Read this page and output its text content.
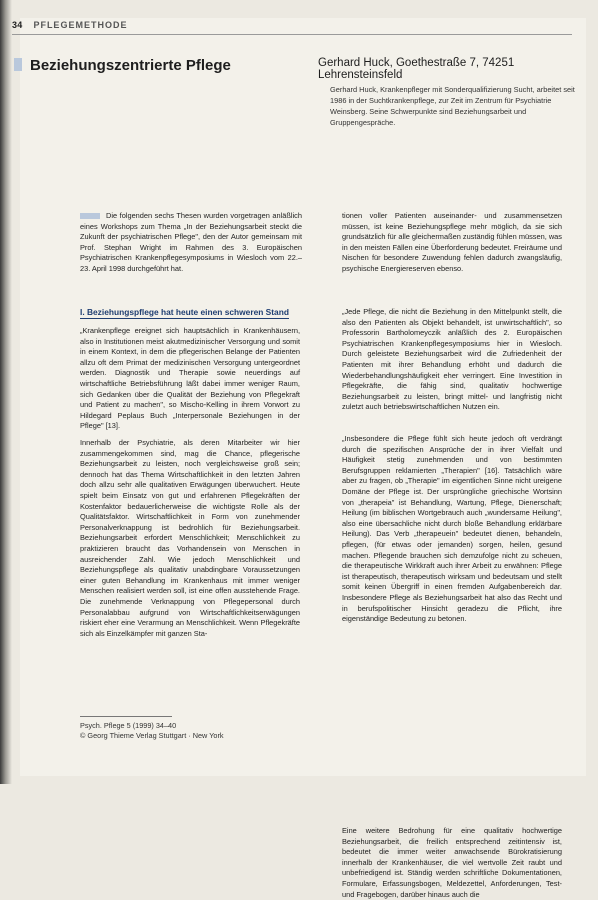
34 PFLEGEMETHODE
Beziehungszentrierte Pflege	Gerhard Huck, Goethestraße 7, 74251 Lehrensteinsfeld
Gerhard Huck, Krankenpfleger mit Sonderqualifizierung Sucht, arbeitet seit 1986 in der Suchtkrankenpflege, zur Zeit im Zentrum für Psychiatrie Weinsberg. Seine Schwerpunkte sind Beziehungsarbeit und Gruppengespräche.
Die folgenden sechs Thesen wurden vorgetragen anläßlich eines Workshops zum Thema „In der Beziehungsarbeit steckt die Zukunft der psychiatrischen Pflege", den der Autor gemeinsam mit Prof. Stephan Wright im Rahmen des 3. Europäischen Psychiatrischen Krankenpflegesymposiums in Wiesloch vom 22.–23. April 1998 durchgeführt hat.
I. Beziehungspflege hat heute einen schweren Stand
„Krankenpflege ereignet sich hauptsächlich in Krankenhäusern, also in Institutionen meist akutmedizinischer Versorgung und somit in einem Kontext, in dem die pflegerischen Belange der Patienten allzu oft dem Primat der medizinischen Versorgung untergeordnet werden. Diagnostik und Therapie sowie neuerdings auf wirtschaftliche Betriebsführung läßt dabei immer weniger Raum, sich Gedanken über die Qualität der Beziehung von Pflegekraft und Patient zu machen", so Mischo-Kelling in ihrem Vorwort zu Hildegard Peplaus Buch „Interpersonale Beziehungen in der Pflege" [13].
Innerhalb der Psychiatrie, als deren Mitarbeiter wir hier zusammengekommen sind, mag die Chance, pflegerische Beziehungsarbeit zu leisten, noch vergleichsweise groß sein; dennoch hat das Thema Wirtschaftlichkeit in den letzten Jahren doch allzu sehr alle qualitativen Erwägungen überwuchert. Heute spielt beim Einsatz von gut und erfahrenen Pflegekräften der Kostenfaktor bedauerlicherweise die wichtigste Rolle als der Qualitätsfaktor. Wirtschaftlichkeit in Form von zunehmender Personalverknappung ist bedrohlich für Beziehungsarbeit. Beziehungsarbeit erfordert Menschlichkeit; Menschlichkeit zu praktizieren braucht das Vorhandensein von Menschen in ausreichender Zahl. Wie jedoch Menschlichkeit und Beziehungspflege als qualitativ unabdingbare Voraussetzungen einer guten Behandlung im Krankenhaus mit immer weniger Menschen realisiert werden soll, ist eine offen ausstehende Frage. Die zunehmende Verknappung von Pflegepersonal durch Personalabbau aufgrund von Wirtschaftlichkeitserwägungen riskiert eher eine Verarmung an Menschlichkeit. Wenn Pflegekräfte sich als Einzelkämpfer mit ganzen Sta-
tionen voller Patienten auseinander- und zusammensetzen müssen, ist keine Beziehungspflege mehr möglich, da sie sich grundsätzlich für alle gleichermaßen zuständig fühlen müssen, was in den meisten Fällen eine Überforderung bedeutet. Freiräume und Nischen für besondere Zuwendung fehlen dadurch zwangsläufig, psychische Energiereserven ebenso.
„Jede Pflege, die nicht die Beziehung in den Mittelpunkt stellt, die also den Patienten als Objekt behandelt, ist unwirtschaftlich", so Professorin Bartholomeyczik anläßlich des 2. Europäischen Psychiatrischen Krankenpflegesymposiums hier in Wiesloch. Durch geleistete Beziehungsarbeit wird die Zufriedenheit der Patienten mit ihrer Behandlung erhöht und dadurch die Wiederbehandlungshäufigkeit eher verringert. Eine Investition in Pflegekräfte, die fähig sind, qualitativ hochwertige Beziehungsarbeit zu leisten, bringt mittel- und langfristig nicht zuletzt auch betriebswirtschaftlichen Nutzen ein.
„Insbesondere die Pflege fühlt sich heute jedoch oft verdrängt durch die spezifischen Ansprüche der in ihrer Vielfalt und Häufigkeit stetig zunehmenden und von bestimmten Berufsgruppen reklamierten „Therapien" [16]. Tatsächlich wäre aber zu fragen, ob „Therapie" im eigentlichen Sinne nicht ureigene Domäne der Pflege ist. Der ursprüngliche griechische Wortsinn von „therapeia" ist Behandlung, Wartung, Pflege, Dienerschaft; Heilung (im biblischen Wortgebrauch auch „wundersame Heilung", also eine übersachliche nicht durch bloße Behandlung erklärbare Heilung). Das Verb „therapeuein" bedeutet dienen, behandeln, pflegen, (für etwas oder jemanden) sorgen, heilen, gesund machen. Pflegende brauchen sich demzufolge nicht zu scheuen, die therapeutische Wirkkraft auch ihrer Arbeit zu erwähnen: Pflege ist therapeutisch, therapeutisch wirksam und bedeutsam und stellt somit keinen Übergriff in einen fremden Aufgabenbereich dar. Insbesondere Pflege als Beziehungsarbeit hat also das Recht und in berufspolitischer Hinsicht geradezu die Pflicht, ihre eigenständige Bedeutung zu betonen.
Eine weitere Bedrohung für eine qualitativ hochwertige Beziehungsarbeit, die freilich entsprechend zeitintensiv ist, bedeutet die immer weiter anwachsende Bürokratisierung innerhalb der Krankenhäuser, die viel wertvolle Zeit raubt und unbefriedigend ist. Ständig werden schriftliche Dokumentationen, Formulare, Erfassungsbogen, Meldezettel, Anforderungen, Test- und Fragebogen, darüber hinaus auch die
Psych. Pflege 5 (1999) 34–40
© Georg Thieme Verlag Stuttgart · New York
